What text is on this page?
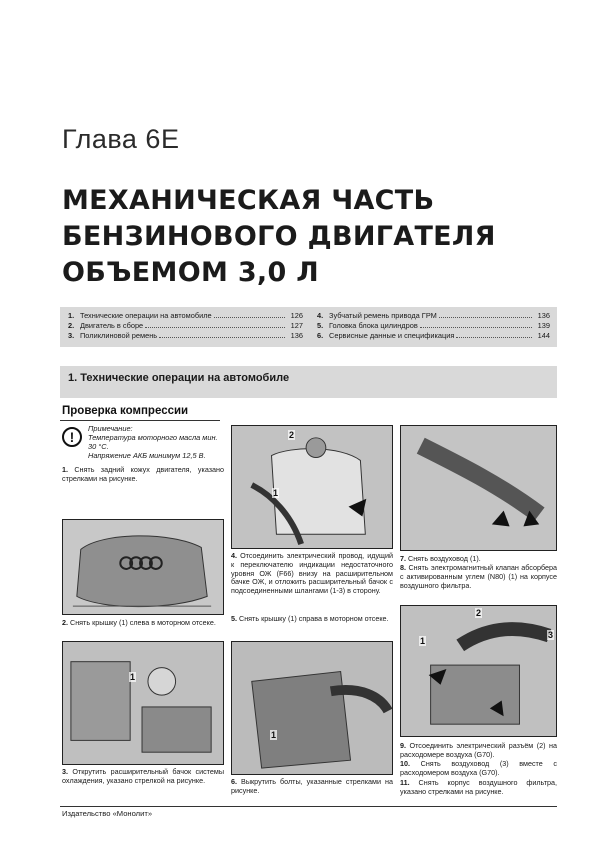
Глава 6Е
МЕХАНИЧЕСКАЯ ЧАСТЬ
БЕНЗИНОВОГО ДВИГАТЕЛЯ
ОБЪЕМОМ 3,0 Л
1. Технические операции на автомобиле	126
2. Двигатель в сборе	127
3. Поликлиновой ремень	136
4. Зубчатый ремень привода ГРМ	136
5. Головка блока цилиндров	139
6. Сервисные данные и спецификация	144
1. Технические операции на автомобиле
Проверка компрессии
!
Примечание:
Температура моторного масла мин. 30 °С.
Напряжение АКБ минимум 12,5 В.
1. Снять задний кожух двигателя, указано стрелками на рисунке.
2. Снять крышку (1) слева в моторном отсеке.
1
3. Открутить расширительный бачок системы охлаждения, указано стрелкой на рисунке.
2
1
4. Отсоединить электрический провод, идущий к переключателю индикации недостаточного уровня ОЖ (F66) внизу на расширительном бачке ОЖ, и отложить расширительный бачок с подсоединенными шлангами (1-3) в сторону.
5. Снять крышку (1) справа в моторном отсеке.
1
6. Выкрутить болты, указанные стрелками на рисунке.
7. Снять воздуховод (1).
8. Снять электромагнитный клапан абсорбера с активированным углем (N80) (1) на корпусе воздушного фильтра.
1
2
3
9. Отсоединить электрический разъём (2) на расходомере воздуха (G70).
10. Снять воздуховод (3) вместе с расходомером воздуха (G70).
11. Снять корпус воздушного фильтра, указано стрелками на рисунке.
Издательство «Монолит»
